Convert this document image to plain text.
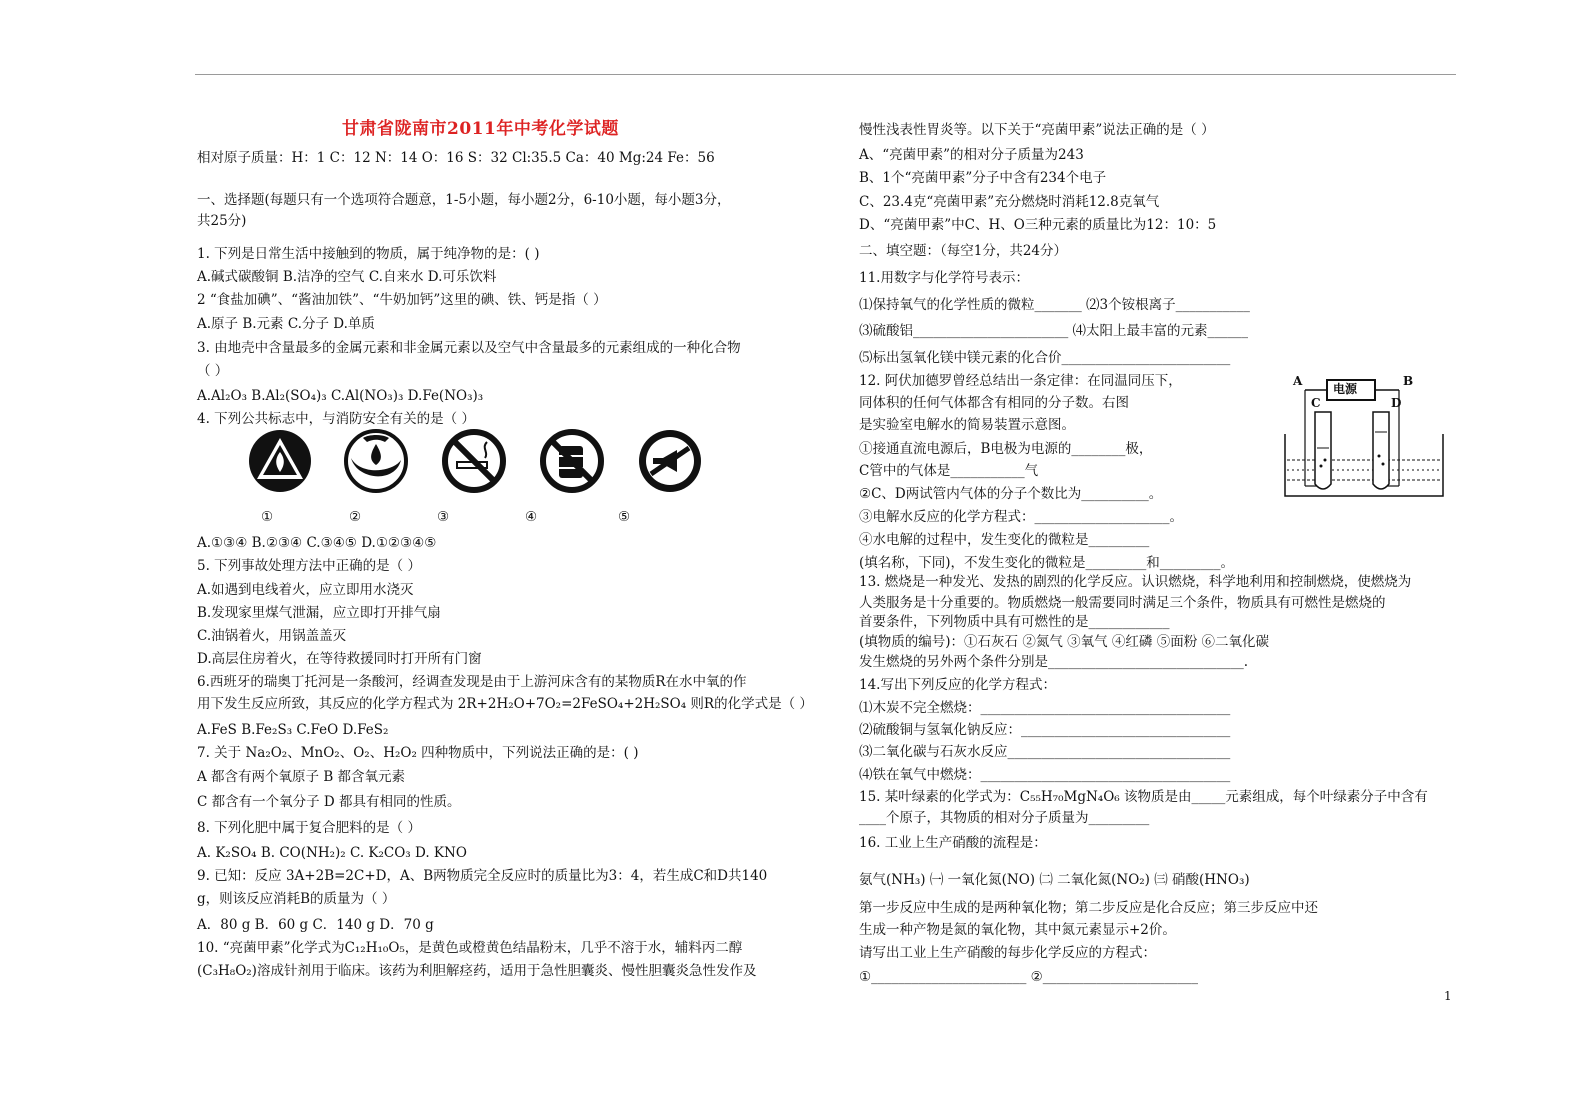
甘肃省陇南市2011年中考化学试题
相对原子质量：H：1 C：12 N：14 O：16 S：32 Cl:35.5 Ca：40 Mg:24 Fe：56
一、选择题(每题只有一个选项符合题意，1-5小题，每小题2分，6-10小题，每小题3分，
共25分)
1. 下列是日常生活中接触到的物质，属于纯净物的是：( )
A.碱式碳酸铜 B.洁净的空气 C.自来水 D.可乐饮料
2 “食盐加碘”、“酱油加铁”、“牛奶加钙”这里的碘、铁、钙是指（ ）
A.原子 B.元素 C.分子 D.单质
3. 由地壳中含量最多的金属元素和非金属元素以及空气中含量最多的元素组成的一种化合物
（ ）
A.Al₂O₃ B.Al₂(SO₄)₃ C.Al(NO₃)₃ D.Fe(NO₃)₃
4. 下列公共标志中，与消防安全有关的是（ ）
①	②	③	④	⑤
A.①③④ B.②③④ C.③④⑤ D.①②③④⑤
5. 下列事故处理方法中正确的是（ ）
A.如遇到电线着火，应立即用水浇灭
B.发现家里煤气泄漏，应立即打开排气扇
C.油锅着火，用锅盖盖灭
D.高层住房着火，在等待救援同时打开所有门窗
6.西班牙的瑞奥丁托河是一条酸河，经调查发现是由于上游河床含有的某物质R在水中氧的作
用下发生反应所致，其反应的化学方程式为 2R+2H₂O+7O₂=2FeSO₄+2H₂SO₄ 则R的化学式是（ ）
A.FeS B.Fe₂S₃ C.FeO D.FeS₂
7. 关于 Na₂O₂、MnO₂、O₂、H₂O₂ 四种物质中，下列说法正确的是：( )
A 都含有两个氧原子 B 都含氧元素
C 都含有一个氧分子 D 都具有相同的性质。
8. 下列化肥中属于复合肥料的是（ ）
A. K₂SO₄ B. CO(NH₂)₂ C. K₂CO₃ D. KNO
9. 已知：反应 3A+2B=2C+D，A、B两物质完全反应时的质量比为3：4，若生成C和D共140
g，则该反应消耗B的质量为（ ）
A．80 g B．60 g C．140 g D．70 g
10. “亮菌甲素”化学式为C₁₂H₁₀O₅，是黄色或橙黄色结晶粉末，几乎不溶于水，辅料丙二醇
(C₃H₈O₂)溶成针剂用于临床。该药为利胆解痉药，适用于急性胆囊炎、慢性胆囊炎急性发作及
慢性浅表性胃炎等。以下关于“亮菌甲素”说法正确的是（ ）
A、“亮菌甲素”的相对分子质量为243
B、1个“亮菌甲素”分子中含有234个电子
C、23.4克“亮菌甲素”充分燃烧时消耗12.8克氧气
D、“亮菌甲素”中C、H、O三种元素的质量比为12：10：5
二、填空题：（每空1分，共24分）
11.用数字与化学符号表示：
⑴保持氧气的化学性质的微粒_______ ⑵3个铵根离子___________
⑶硫酸铝_______________________ ⑷太阳上最丰富的元素______
⑸标出氢氧化镁中镁元素的化合价_________________________
12. 阿伏加德罗曾经总结出一条定律：在同温同压下，
同体积的任何气体都含有相同的分子数。右图
是实验室电解水的简易装置示意图。
①接通直流电源后，B电极为电源的________极，
C管中的气体是___________气
②C、D两试管内气体的分子个数比为__________。
③电解水反应的化学方程式：____________________。
④水电解的过程中，发生变化的微粒是_________
(填名称，下同)，不发生变化的微粒是_________和_________。
13. 燃烧是一种发光、发热的剧烈的化学反应。认识燃烧，科学地利用和控制燃烧，使燃烧为
人类服务是十分重要的。物质燃烧一般需要同时满足三个条件，物质具有可燃性是燃烧的
首要条件，下列物质中具有可燃性的是____________
(填物质的编号)：①石灰石 ②氮气 ③氧气 ④红磷 ⑤面粉 ⑥二氧化碳
发生燃烧的另外两个条件分别是_____________________________.
14.写出下列反应的化学方程式：
⑴木炭不完全燃烧：_____________________________________
⑵硫酸铜与氢氧化钠反应：_______________________________
⑶二氧化碳与石灰水反应_________________________________
⑷铁在氧气中燃烧：_____________________________________
15. 某叶绿素的化学式为：C₅₅H₇₀MgN₄O₆ 该物质是由_____元素组成，每个叶绿素分子中含有
____个原子，其物质的相对分子质量为_________
16. 工业上生产硝酸的流程是：
氨气(NH₃) ㈠ 一氧化氮(NO) ㈡ 二氧化氮(NO₂) ㈢ 硝酸(HNO₃)
第一步反应中生成的是两种氧化物；第二步反应是化合反应；第三步反应中还
生成一种产物是氮的氧化物，其中氮元素显示+2价。
请写出工业上生产硝酸的每步化学反应的方程式：
①_______________________ ②_______________________
电源
A	B
C	D
1
